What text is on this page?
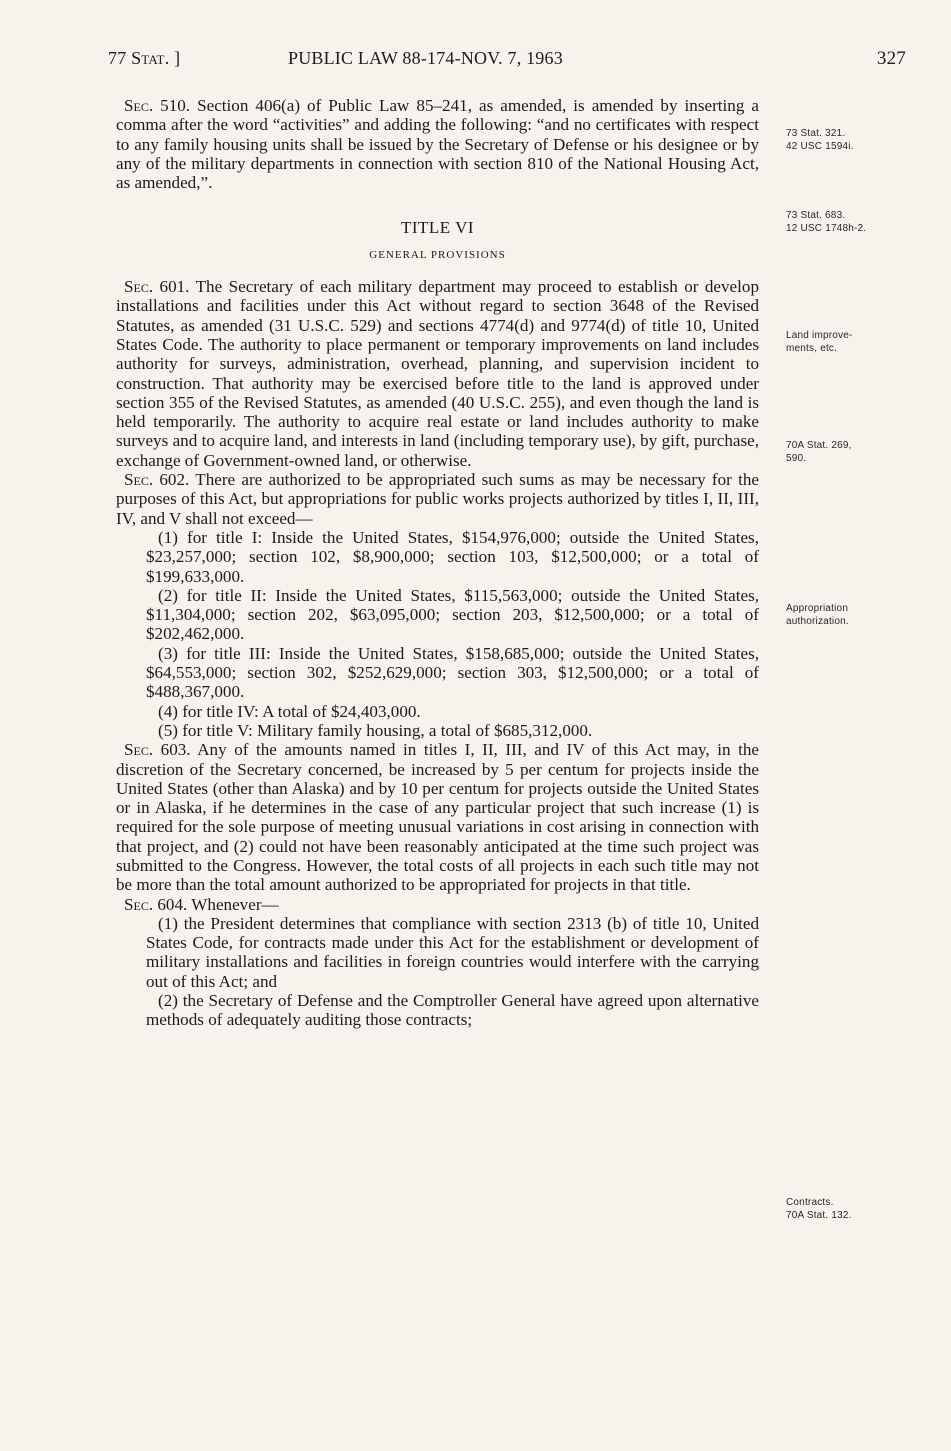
77 Stat. ]	PUBLIC LAW 88-174-NOV. 7, 1963	327

Sec. 510. Section 406(a) of Public Law 85–241, as amended, is amended by inserting a comma after the word “activities” and adding the following: “and no certificates with respect to any family housing units shall be issued by the Secretary of Defense or his designee or by any of the military departments in connection with section 810 of the National Housing Act, as amended,”.

TITLE VI
GENERAL PROVISIONS

Sec. 601. The Secretary of each military department may proceed to establish or develop installations and facilities under this Act without regard to section 3648 of the Revised Statutes, as amended (31 U.S.C. 529) and sections 4774(d) and 9774(d) of title 10, United States Code. The authority to place permanent or temporary improvements on land includes authority for surveys, administration, overhead, planning, and supervision incident to construction. That authority may be exercised before title to the land is approved under section 355 of the Revised Statutes, as amended (40 U.S.C. 255), and even though the land is held temporarily. The authority to acquire real estate or land includes authority to make surveys and to acquire land, and interests in land (including temporary use), by gift, purchase, exchange of Government-owned land, or otherwise.

Sec. 602. There are authorized to be appropriated such sums as may be necessary for the purposes of this Act, but appropriations for public works projects authorized by titles I, II, III, IV, and V shall not exceed—

(1) for title I: Inside the United States, $154,976,000; outside the United States, $23,257,000; section 102, $8,900,000; section 103, $12,500,000; or a total of $199,633,000.

(2) for title II: Inside the United States, $115,563,000; outside the United States, $11,304,000; section 202, $63,095,000; section 203, $12,500,000; or a total of $202,462,000.

(3) for title III: Inside the United States, $158,685,000; outside the United States, $64,553,000; section 302, $252,629,000; section 303, $12,500,000; or a total of $488,367,000.

(4) for title IV: A total of $24,403,000.

(5) for title V: Military family housing, a total of $685,312,000.

Sec. 603. Any of the amounts named in titles I, II, III, and IV of this Act may, in the discretion of the Secretary concerned, be increased by 5 per centum for projects inside the United States (other than Alaska) and by 10 per centum for projects outside the United States or in Alaska, if he determines in the case of any particular project that such increase (1) is required for the sole purpose of meeting unusual variations in cost arising in connection with that project, and (2) could not have been reasonably anticipated at the time such project was submitted to the Congress. However, the total costs of all projects in each such title may not be more than the total amount authorized to be appropriated for projects in that title.

Sec. 604. Whenever—

(1) the President determines that compliance with section 2313 (b) of title 10, United States Code, for contracts made under this Act for the establishment or development of military installations and facilities in foreign countries would interfere with the carrying out of this Act; and

(2) the Secretary of Defense and the Comptroller General have agreed upon alternative methods of adequately auditing those contracts;

73 Stat. 321.
42 USC 1594i.
73 Stat. 683.
12 USC 1748h-2.
Land improve-
ments, etc.
70A Stat. 269,
590.
Appropriation
authorization.
Contracts.
70A Stat. 132.
